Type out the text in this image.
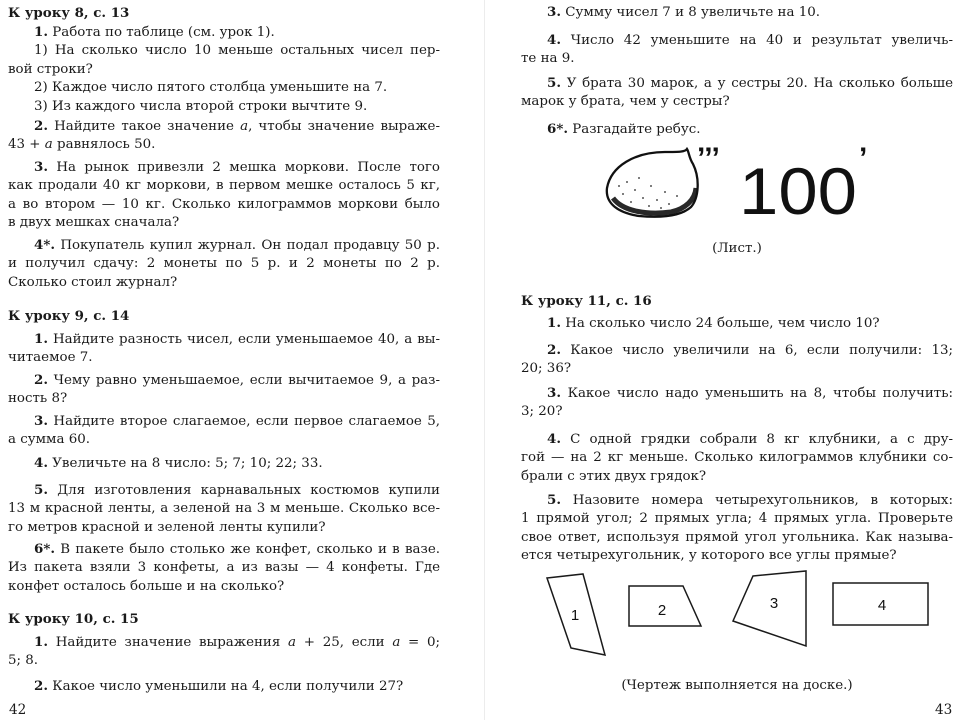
К уроку 8, с. 13

1. Работа по таблице (см. урок 1).
1) На сколько число 10 меньше остальных чисел пер-
вой строки?
2) Каждое число пятого столбца уменьшите на 7.
3) Из каждого числа второй строки вычтите 9.
2. Найдите такое значение а, чтобы значение выраже-
43 + а равнялось 50.
3. На рынок привезли 2 мешка моркови. После того
как продали 40 кг моркови, в первом мешке осталось 5 кг,
а во втором — 10 кг. Сколько килограммов моркови было
в двух мешках сначала?
4*. Покупатель купил журнал. Он подал продавцу 50 р.
и получил сдачу: 2 монеты по 5 р. и 2 монеты по 2 р.
Сколько стоил журнал?

К уроку 9, с. 14

1. Найдите разность чисел, если уменьшаемое 40, а вы-
читаемое 7.
2. Чему равно уменьшаемое, если вычитаемое 9, а раз-
ность 8?
3. Найдите второе слагаемое, если первое слагаемое 5,
а сумма 60.
4. Увеличьте на 8 число: 5; 7; 10; 22; 33.
5. Для изготовления карнавальных костюмов купили
13 м красной ленты, а зеленой на 3 м меньше. Сколько все-
го метров красной и зеленой ленты купили?
6*. В пакете было столько же конфет, сколько и в вазе.
Из пакета взяли 3 конфеты, а из вазы — 4 конфеты. Где
конфет осталось больше и на сколько?

К уроку 10, с. 15

1. Найдите значение выражения а + 25, если а = 0;
5; 8.
2. Какое число уменьшили на 4, если получили 27?
42
3. Сумму чисел 7 и 8 увеличьте на 10.
4. Число 42 уменьшите на 40 и результат увеличь-
те на 9.
5. У брата 30 марок, а у сестры 20. На сколько больше
марок у брата, чем у сестры?
6*. Разгадайте ребус.
’’’ 100 ’

(Лист.)

К уроку 11, с. 16

1. На сколько число 24 больше, чем число 10?
2. Какое число увеличили на 6, если получили: 13;
20; 36?
3. Какое число надо уменьшить на 8, чтобы получить:
3; 20?
4. С одной грядки собрали 8 кг клубники, а с дру-
гой — на 2 кг меньше. Сколько килограммов клубники со-
брали с этих двух грядок?
5. Назовите номера четырехугольников, в которых:
1 прямой угол; 2 прямых угла; 4 прямых угла. Проверьте
свое ответ, используя прямой угол угольника. Как называ-
ется четырехугольник, у которого все углы прямые?
1	2	3	4

(Чертеж выполняется на доске.)

43
